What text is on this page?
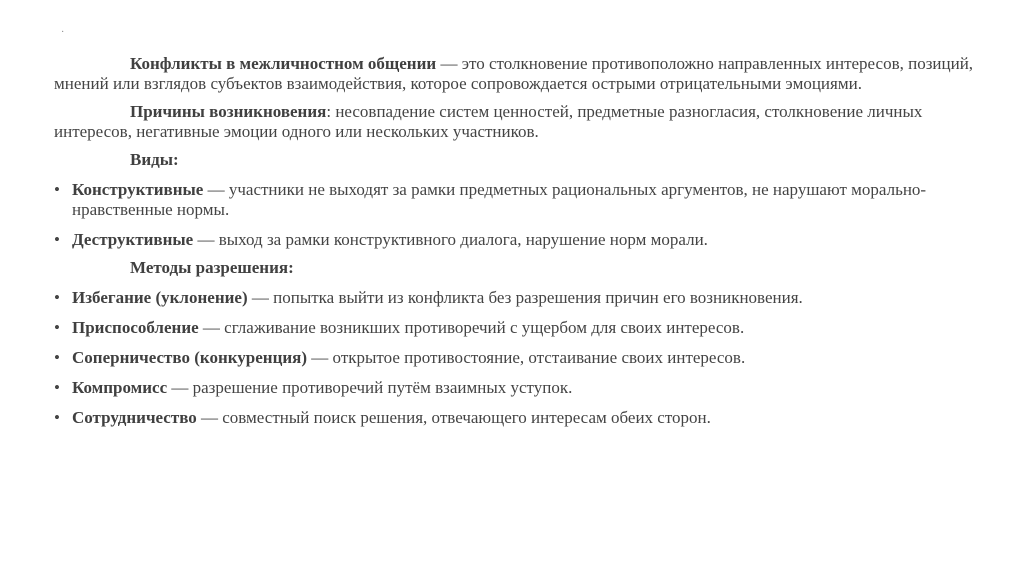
·

Конфликты в межличностном общении — это столкновение противоположно направленных интересов, позиций, мнений или взглядов субъектов взаимодействия, которое сопровождается острыми отрицательными эмоциями.

Причины возникновения: несовпадение систем ценностей, предметные разногласия, столкновение личных интересов, негативные эмоции одного или нескольких участников.

Виды:

• Конструктивные — участники не выходят за рамки предметных рациональных аргументов, не нарушают морально-нравственные нормы.
• Деструктивные — выход за рамки конструктивного диалога, нарушение норм морали.

Методы разрешения:

• Избегание (уклонение) — попытка выйти из конфликта без разрешения причин его возникновения.
• Приспособление — сглаживание возникших противоречий с ущербом для своих интересов.
• Соперничество (конкуренция) — открытое противостояние, отстаивание своих интересов.
• Компромисс — разрешение противоречий путём взаимных уступок.
• Сотрудничество — совместный поиск решения, отвечающего интересам обеих сторон.
